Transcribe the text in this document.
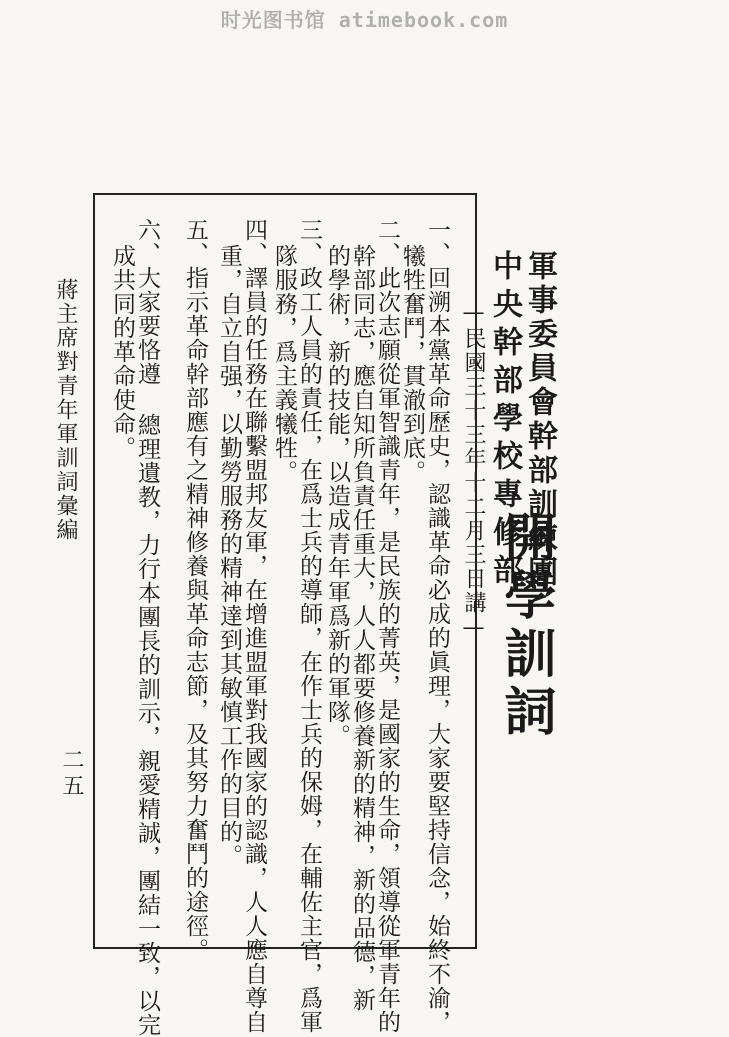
时光图书馆 atimebook.com
軍事委員會幹部訓練團
中央幹部學校專修部
開學訓詞
—民國三十三年十二月三日講—
一、回溯本黨革命歷史，認識革命必成的眞理，大家要堅持信念，始終不渝，
犧牲奮鬥，貫澈到底。
二、此次志願從軍智識青年，是民族的菁英，是國家的生命，領導從軍青年的
幹部同志，應自知所負責任重大，人人都要修養新的精神，新的品德，新
的學術，新的技能，以造成青年軍爲新的軍隊。
三、政工人員的責任，在爲士兵的導師，在作士兵的保姆，在輔佐主官，爲軍
隊服務，爲主義犧牲。
四、譯員的任務在聯繫盟邦友軍，在增進盟軍對我國家的認識，人人應自尊自
重，自立自强，以勤勞服務的精神達到其敏慎工作的目的。
五、指示革命幹部應有之精神修養與革命志節，及其努力奮鬥的途徑。
六、大家要恪遵 總理遺教，力行本團長的訓示，親愛精誠，團結一致，以完
成共同的革命使命。
蔣主席對青年軍訓詞彙編
二五
